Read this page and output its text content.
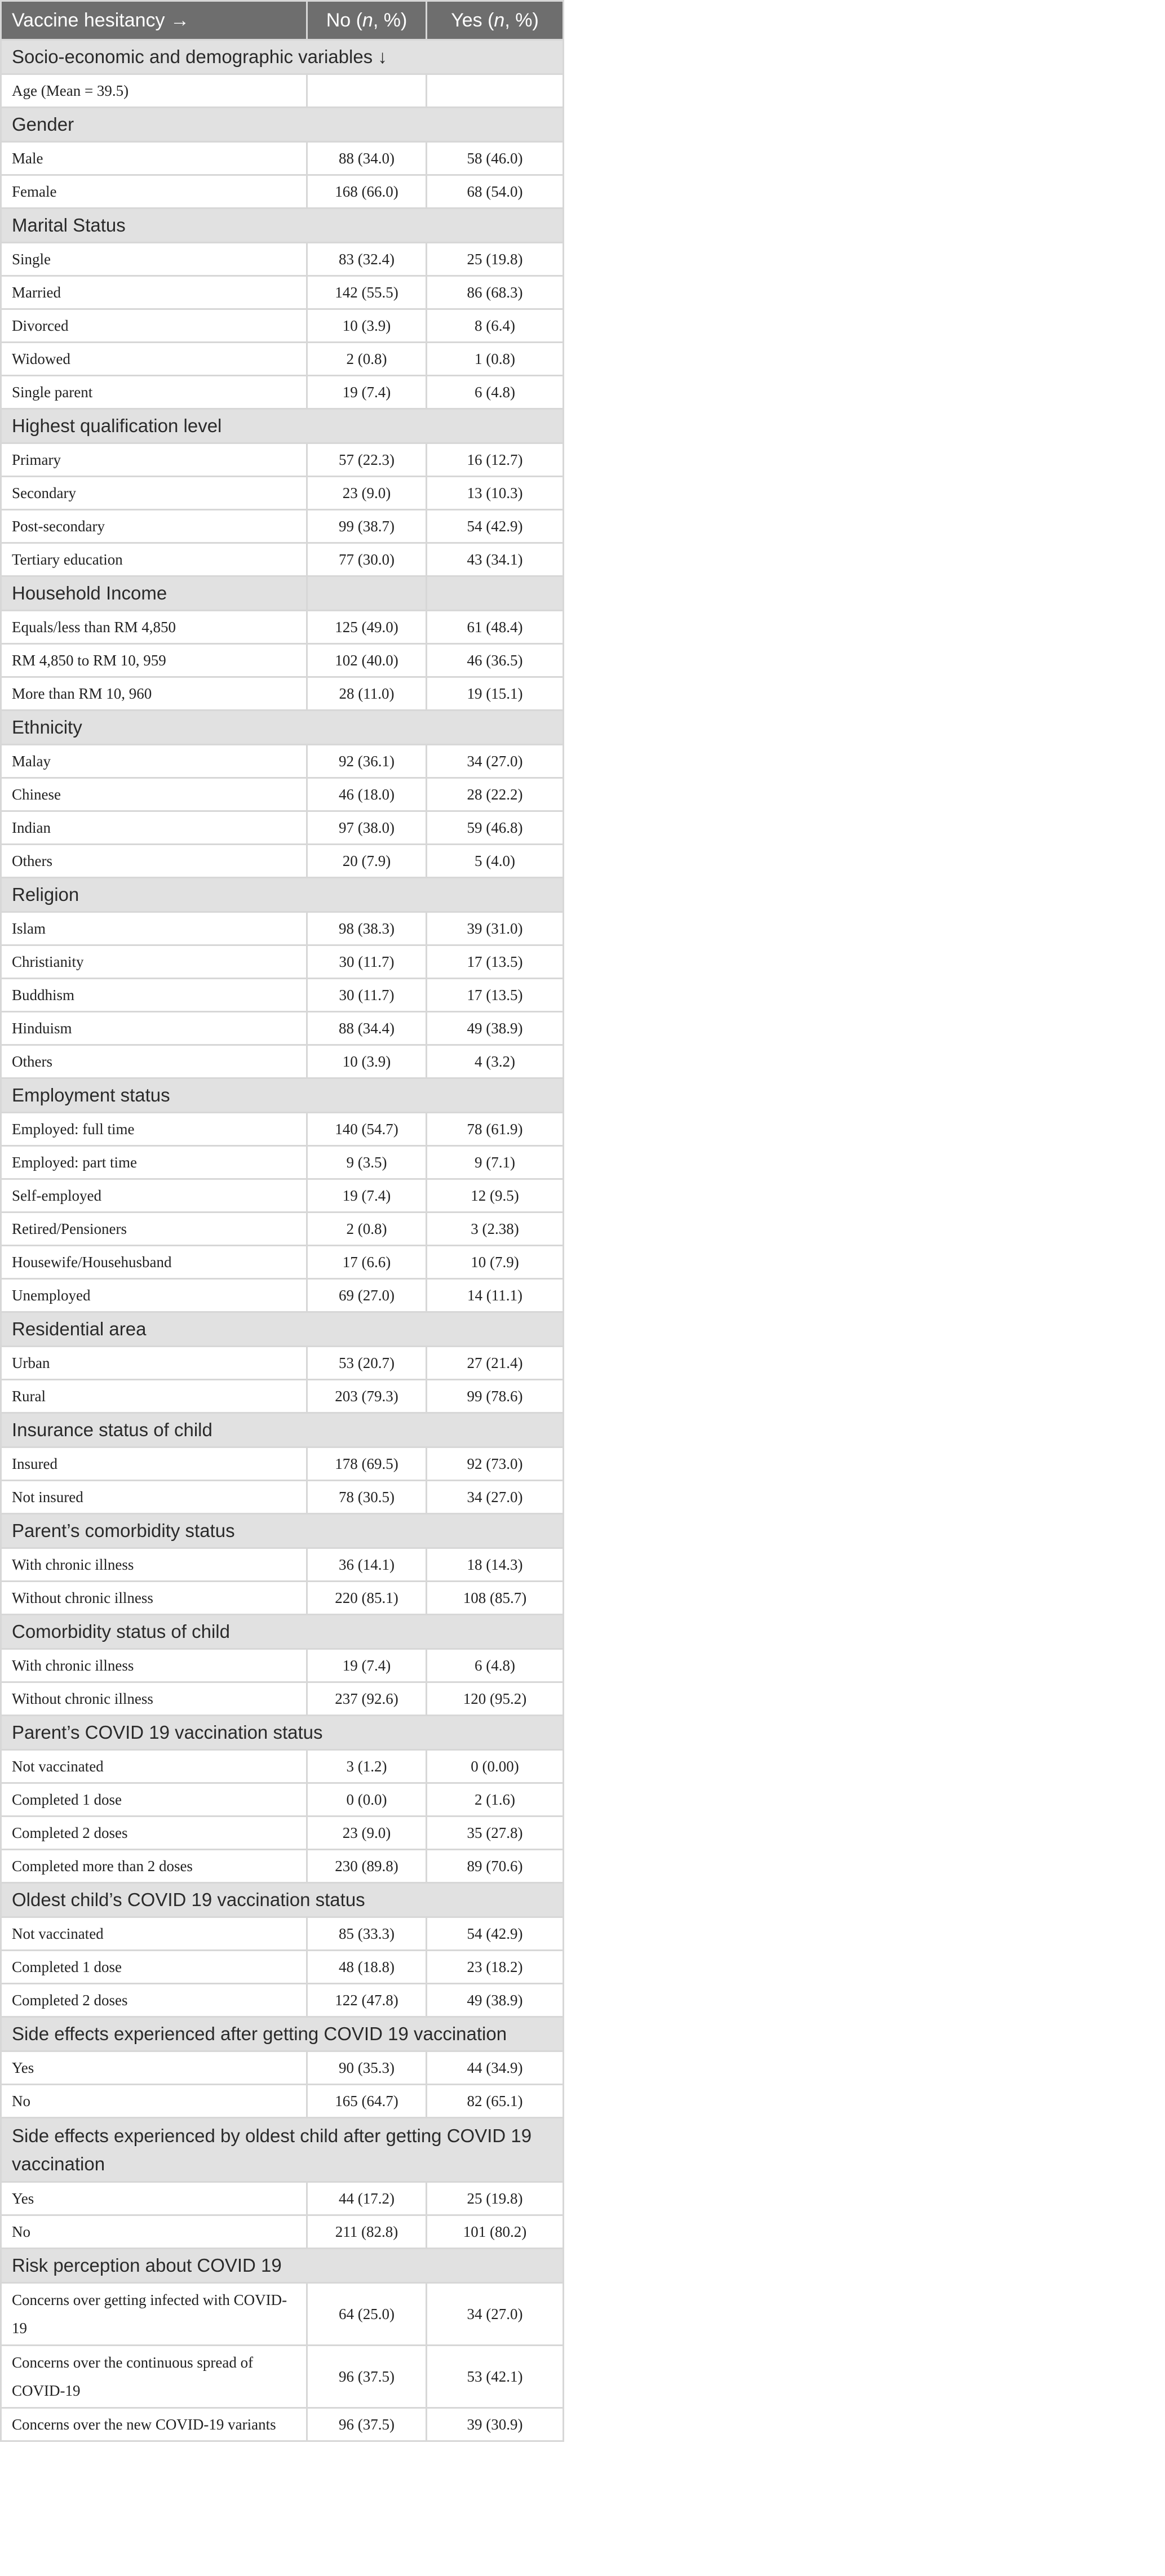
Vaccine hesitancy →	No (n, %)	Yes (n, %)
Socio-economic and demographic variables ↓		
Age (Mean = 39.5)		
Gender		
Male	88 (34.0)	58 (46.0)
Female	168 (66.0)	68 (54.0)
Marital Status		
Single	83 (32.4)	25 (19.8)
Married	142 (55.5)	86 (68.3)
Divorced	10 (3.9)	8 (6.4)
Widowed	2 (0.8)	1 (0.8)
Single parent	19 (7.4)	6 (4.8)
Highest qualification level		
Primary	57 (22.3)	16 (12.7)
Secondary	23 (9.0)	13 (10.3)
Post-secondary	99 (38.7)	54 (42.9)
Tertiary education	77 (30.0)	43 (34.1)
Household Income		
Equals/less than RM 4,850	125 (49.0)	61 (48.4)
RM 4,850 to RM 10, 959	102 (40.0)	46 (36.5)
More than RM 10, 960	28 (11.0)	19 (15.1)
Ethnicity		
Malay	92 (36.1)	34 (27.0)
Chinese	46 (18.0)	28 (22.2)
Indian	97 (38.0)	59 (46.8)
Others	20 (7.9)	5 (4.0)
Religion		
Islam	98 (38.3)	39 (31.0)
Christianity	30 (11.7)	17 (13.5)
Buddhism	30 (11.7)	17 (13.5)
Hinduism	88 (34.4)	49 (38.9)
Others	10 (3.9)	4 (3.2)
Employment status		
Employed: full time	140 (54.7)	78 (61.9)
Employed: part time	9 (3.5)	9 (7.1)
Self-employed	19 (7.4)	12 (9.5)
Retired/Pensioners	2 (0.8)	3 (2.38)
Housewife/Househusband	17 (6.6)	10 (7.9)
Unemployed	69 (27.0)	14 (11.1)
Residential area		
Urban	53 (20.7)	27 (21.4)
Rural	203 (79.3)	99 (78.6)
Insurance status of child		
Insured	178 (69.5)	92 (73.0)
Not insured	78 (30.5)	34 (27.0)
Parent’s comorbidity status		
With chronic illness	36 (14.1)	18 (14.3)
Without chronic illness	220 (85.1)	108 (85.7)
Comorbidity status of child		
With chronic illness	19 (7.4)	6 (4.8)
Without chronic illness	237 (92.6)	120 (95.2)
Parent’s COVID 19 vaccination status		
Not vaccinated	3 (1.2)	0 (0.00)
Completed 1 dose	0 (0.0)	2 (1.6)
Completed 2 doses	23 (9.0)	35 (27.8)
Completed more than 2 doses	230 (89.8)	89 (70.6)
Oldest child’s COVID 19 vaccination status		
Not vaccinated	85 (33.3)	54 (42.9)
Completed 1 dose	48 (18.8)	23 (18.2)
Completed 2 doses	122 (47.8)	49 (38.9)
Side effects experienced after getting COVID 19 vaccination		
Yes	90 (35.3)	44 (34.9)
No	165 (64.7)	82 (65.1)
Side effects experienced by oldest child after getting COVID 19 vaccination		
Yes	44 (17.2)	25 (19.8)
No	211 (82.8)	101 (80.2)
Risk perception about COVID 19		
Concerns over getting infected with COVID-19	64 (25.0)	34 (27.0)
Concerns over the continuous spread of COVID-19	96 (37.5)	53 (42.1)
Concerns over the new COVID-19 variants	96 (37.5)	39 (30.9)
